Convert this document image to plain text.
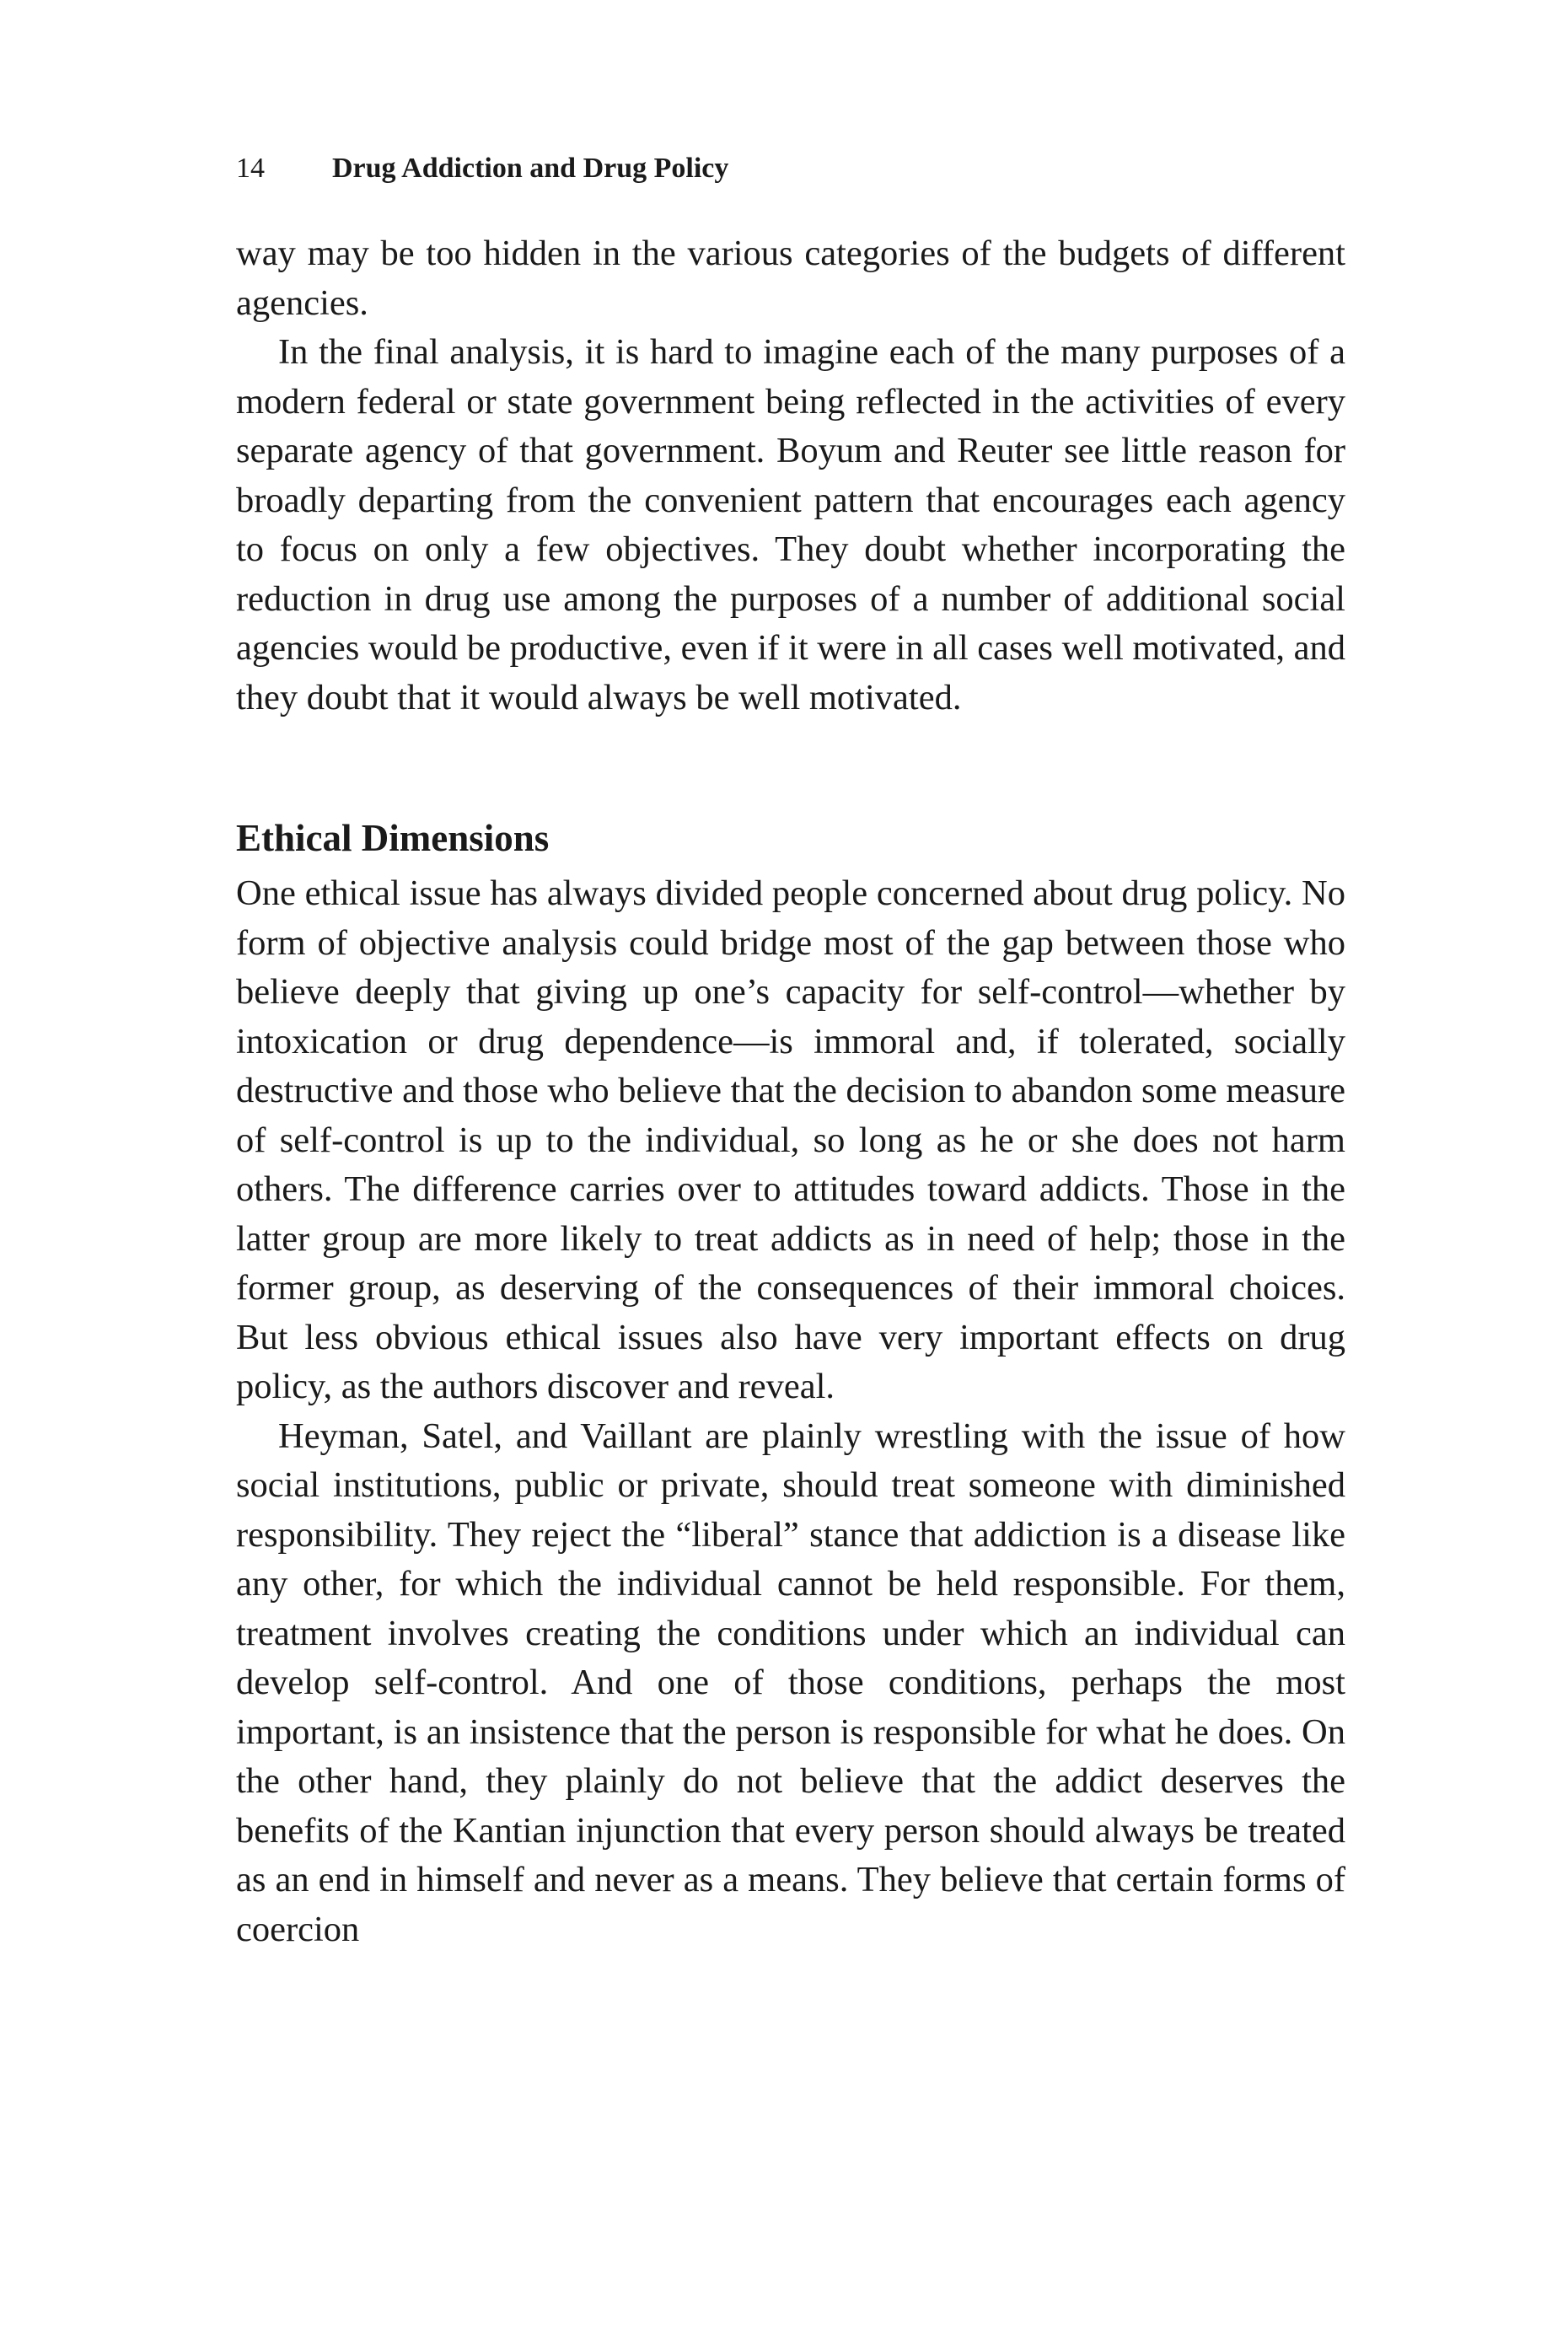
14 Drug Addiction and Drug Policy

way may be too hidden in the various categories of the budgets of different agencies.

In the final analysis, it is hard to imagine each of the many purposes of a modern federal or state government being reflected in the activities of every separate agency of that government. Boyum and Reuter see little reason for broadly departing from the convenient pattern that encourages each agency to focus on only a few objectives. They doubt whether incorporating the reduction in drug use among the purposes of a number of additional social agencies would be productive, even if it were in all cases well motivated, and they doubt that it would always be well motivated.

Ethical Dimensions

One ethical issue has always divided people concerned about drug policy. No form of objective analysis could bridge most of the gap between those who believe deeply that giving up one’s capacity for self-control—whether by intoxication or drug dependence—is immoral and, if tolerated, socially destructive and those who believe that the decision to abandon some measure of self-control is up to the individual, so long as he or she does not harm others. The difference carries over to attitudes toward addicts. Those in the latter group are more likely to treat addicts as in need of help; those in the former group, as deserving of the consequences of their immoral choices. But less obvious ethical issues also have very important effects on drug policy, as the authors discover and reveal.

Heyman, Satel, and Vaillant are plainly wrestling with the issue of how social institutions, public or private, should treat someone with diminished responsibility. They reject the “liberal” stance that addiction is a disease like any other, for which the individual cannot be held responsible. For them, treatment involves creating the conditions under which an individual can develop self-control. And one of those conditions, perhaps the most important, is an insistence that the person is responsible for what he does. On the other hand, they plainly do not believe that the addict deserves the benefits of the Kantian injunction that every person should always be treated as an end in himself and never as a means. They believe that certain forms of coercion
